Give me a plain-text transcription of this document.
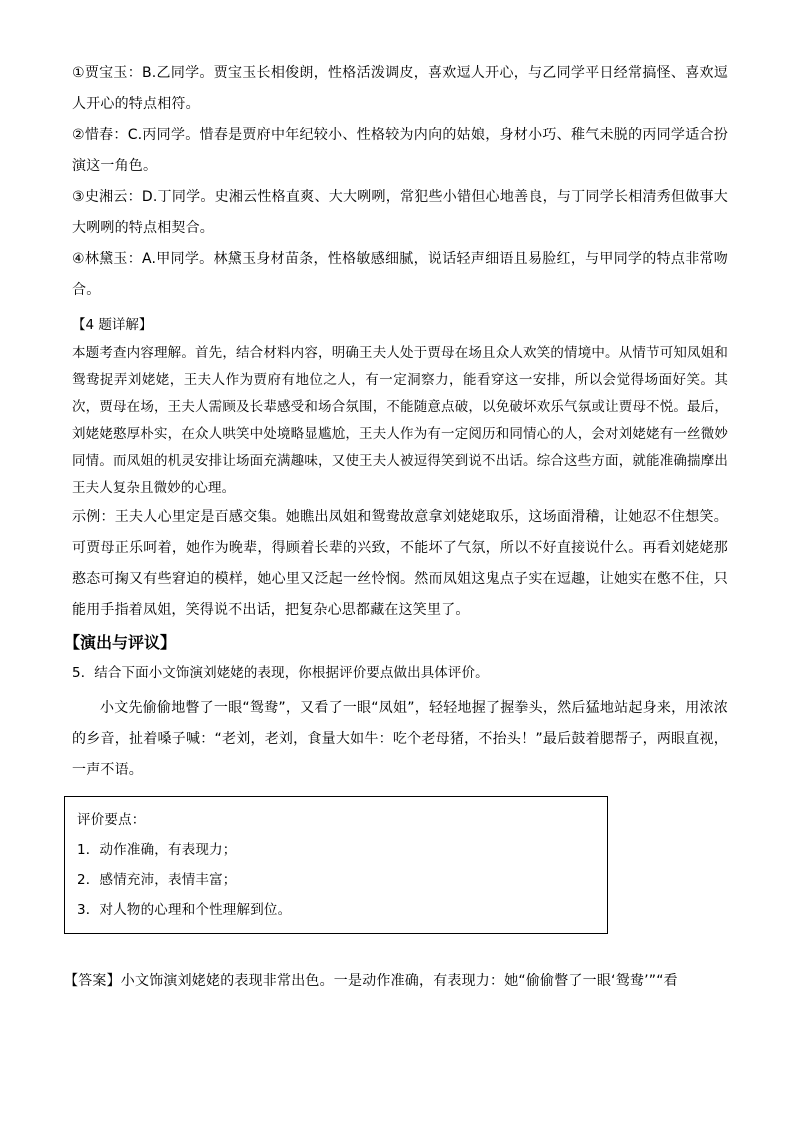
①贾宝玉：B.乙同学。贾宝玉长相俊朗，性格活泼调皮，喜欢逗人开心，与乙同学平日经常搞怪、喜欢逗人开心的特点相符。

②惜春：C.丙同学。惜春是贾府中年纪较小、性格较为内向的姑娘，身材小巧、稚气未脱的丙同学适合扮演这一角色。

③史湘云：D.丁同学。史湘云性格直爽、大大咧咧，常犯些小错但心地善良，与丁同学长相清秀但做事大大咧咧的特点相契合。

④林黛玉：A.甲同学。林黛玉身材苗条，性格敏感细腻，说话轻声细语且易脸红，与甲同学的特点非常吻合。

【4 题详解】

本题考查内容理解。首先，结合材料内容，明确王夫人处于贾母在场且众人欢笑的情境中。从情节可知凤姐和鸳鸯捉弄刘姥姥，王夫人作为贾府有地位之人，有一定洞察力，能看穿这一安排，所以会觉得场面好笑。其次，贾母在场，王夫人需顾及长辈感受和场合氛围，不能随意点破，以免破坏欢乐气氛或让贾母不悦。最后，刘姥姥憨厚朴实，在众人哄笑中处境略显尴尬，王夫人作为有一定阅历和同情心的人，会对刘姥姥有一丝微妙同情。而凤姐的机灵安排让场面充满趣味，又使王夫人被逗得笑到说不出话。综合这些方面，就能准确揣摩出王夫人复杂且微妙的心理。

示例：王夫人心里定是百感交集。她瞧出凤姐和鸳鸯故意拿刘姥姥取乐，这场面滑稽，让她忍不住想笑。可贾母正乐呵着，她作为晚辈，得顾着长辈的兴致，不能坏了气氛，所以不好直接说什么。再看刘姥姥那憨态可掬又有些窘迫的模样，她心里又泛起一丝怜悯。然而凤姐这鬼点子实在逗趣，让她实在憋不住，只能用手指着凤姐，笑得说不出话，把复杂心思都藏在这笑里了。

【演出与评议】

5．结合下面小文饰演刘姥姥的表现，你根据评价要点做出具体评价。

小文先偷偷地瞥了一眼“鸳鸯”，又看了一眼“凤姐”，轻轻地握了握拳头，然后猛地站起身来，用浓浓的乡音，扯着嗓子喊：“老刘，老刘，食量大如牛：吃个老母猪，不抬头！”最后鼓着腮帮子，两眼直视，一声不语。

评价要点：

1．动作准确，有表现力；

2．感情充沛，表情丰富；

3．对人物的心理和个性理解到位。

【答案】小文饰演刘姥姥的表现非常出色。一是动作准确，有表现力：她“偷偷瞥了一眼‘鸳鸯’”“看
